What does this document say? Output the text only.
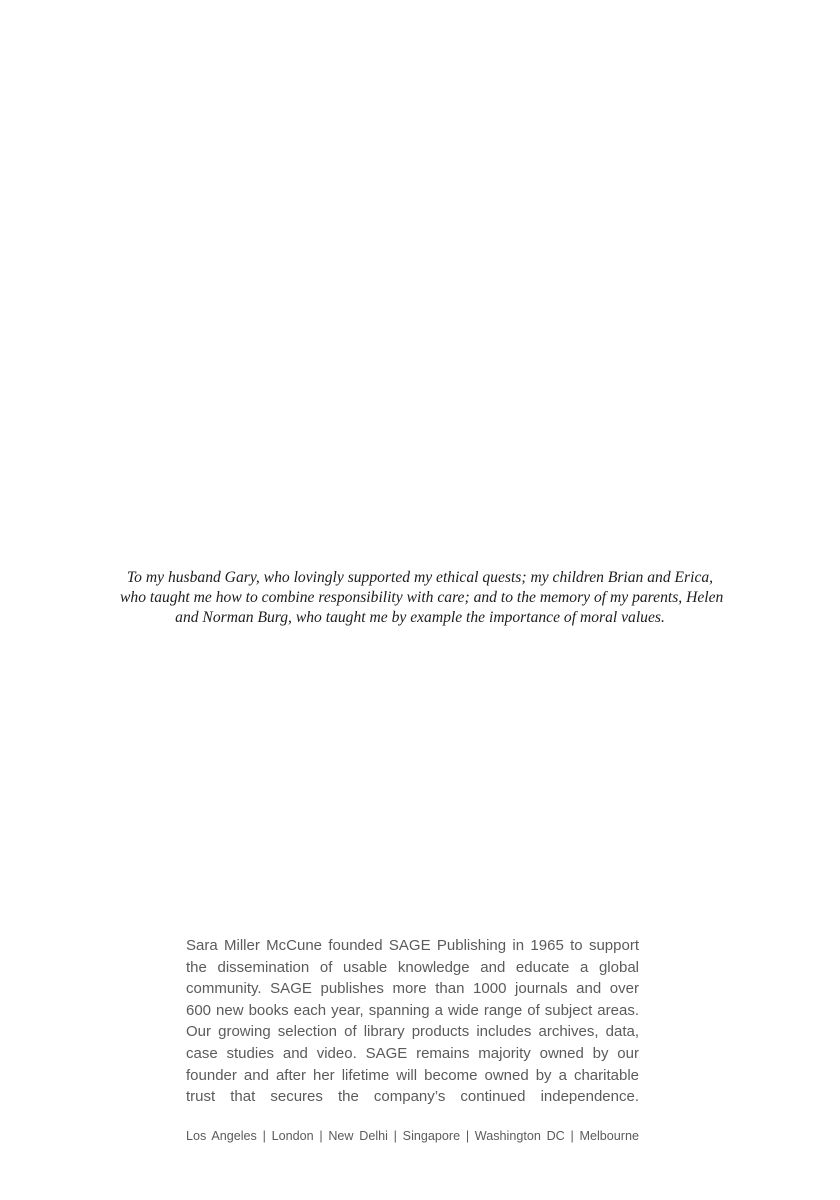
To my husband Gary, who lovingly supported my ethical quests; my children Brian and Erica,
who taught me how to combine responsibility with care; and to the memory of my parents, Helen
and Norman Burg, who taught me by example the importance of moral values.
Sara Miller McCune founded SAGE Publishing in 1965 to support
the dissemination of usable knowledge and educate a global
community. SAGE publishes more than 1000 journals and over
600 new books each year, spanning a wide range of subject areas.
Our growing selection of library products includes archives, data,
case studies and video. SAGE remains majority owned by our
founder and after her lifetime will become owned by a charitable
trust that secures the company’s continued independence.
Los Angeles | London | New Delhi | Singapore | Washington DC | Melbourne
